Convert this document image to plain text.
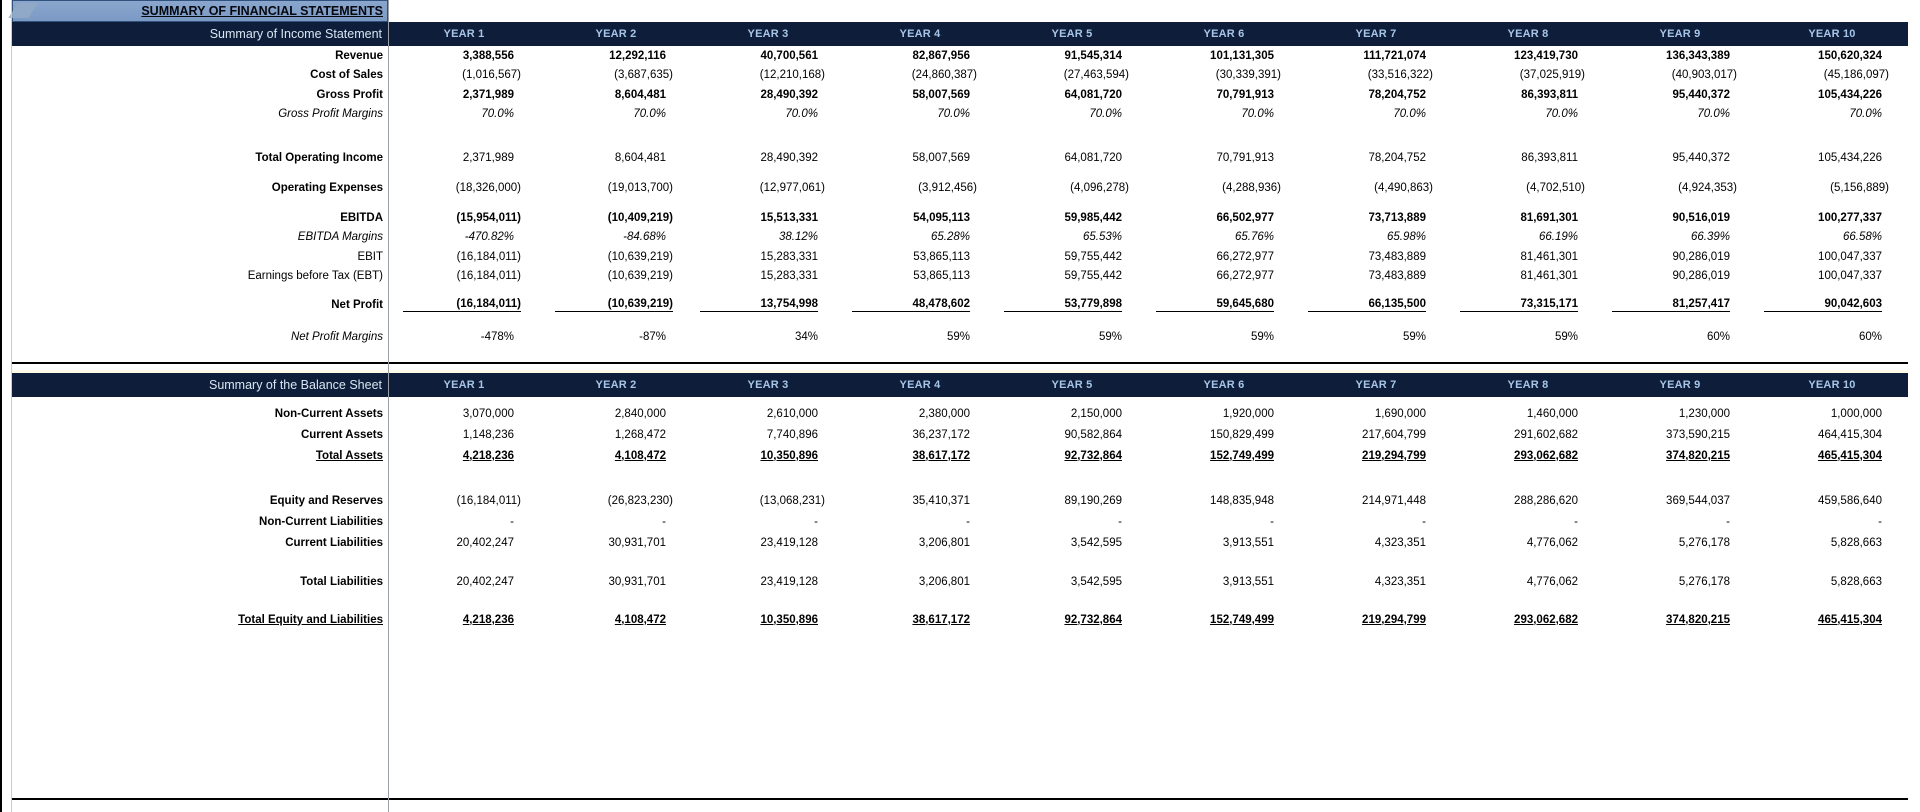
SUMMARY OF FINANCIAL STATEMENTS
Summary of Income Statement	YEAR 1	YEAR 2	YEAR 3	YEAR 4	YEAR 5	YEAR 6	YEAR 7	YEAR 8	YEAR 9	YEAR 10
Revenue	3,388,556	12,292,116	40,700,561	82,867,956	91,545,314	101,131,305	111,721,074	123,419,730	136,343,389	150,620,324
Cost of Sales	(1,016,567)	(3,687,635)	(12,210,168)	(24,860,387)	(27,463,594)	(30,339,391)	(33,516,322)	(37,025,919)	(40,903,017)	(45,186,097)
Gross Profit	2,371,989	8,604,481	28,490,392	58,007,569	64,081,720	70,791,913	78,204,752	86,393,811	95,440,372	105,434,226
Gross Profit Margins	70.0%	70.0%	70.0%	70.0%	70.0%	70.0%	70.0%	70.0%	70.0%	70.0%
Total Operating Income	2,371,989	8,604,481	28,490,392	58,007,569	64,081,720	70,791,913	78,204,752	86,393,811	95,440,372	105,434,226
Operating Expenses	(18,326,000)	(19,013,700)	(12,977,061)	(3,912,456)	(4,096,278)	(4,288,936)	(4,490,863)	(4,702,510)	(4,924,353)	(5,156,889)
EBITDA	(15,954,011)	(10,409,219)	15,513,331	54,095,113	59,985,442	66,502,977	73,713,889	81,691,301	90,516,019	100,277,337
EBITDA Margins	-470.82%	-84.68%	38.12%	65.28%	65.53%	65.76%	65.98%	66.19%	66.39%	66.58%
EBIT	(16,184,011)	(10,639,219)	15,283,331	53,865,113	59,755,442	66,272,977	73,483,889	81,461,301	90,286,019	100,047,337
Earnings before Tax (EBT)	(16,184,011)	(10,639,219)	15,283,331	53,865,113	59,755,442	66,272,977	73,483,889	81,461,301	90,286,019	100,047,337
Net Profit	(16,184,011)	(10,639,219)	13,754,998	48,478,602	53,779,898	59,645,680	66,135,500	73,315,171	81,257,417	90,042,603
Net Profit Margins	-478%	-87%	34%	59%	59%	59%	59%	59%	60%	60%
Summary of the Balance Sheet	YEAR 1	YEAR 2	YEAR 3	YEAR 4	YEAR 5	YEAR 6	YEAR 7	YEAR 8	YEAR 9	YEAR 10
Non-Current Assets	3,070,000	2,840,000	2,610,000	2,380,000	2,150,000	1,920,000	1,690,000	1,460,000	1,230,000	1,000,000
Current Assets	1,148,236	1,268,472	7,740,896	36,237,172	90,582,864	150,829,499	217,604,799	291,602,682	373,590,215	464,415,304
Total Assets	4,218,236	4,108,472	10,350,896	38,617,172	92,732,864	152,749,499	219,294,799	293,062,682	374,820,215	465,415,304
Equity and Reserves	(16,184,011)	(26,823,230)	(13,068,231)	35,410,371	89,190,269	148,835,948	214,971,448	288,286,620	369,544,037	459,586,640
Non-Current Liabilities	-	-	-	-	-	-	-	-	-	-
Current Liabilities	20,402,247	30,931,701	23,419,128	3,206,801	3,542,595	3,913,551	4,323,351	4,776,062	5,276,178	5,828,663
Total Liabilities	20,402,247	30,931,701	23,419,128	3,206,801	3,542,595	3,913,551	4,323,351	4,776,062	5,276,178	5,828,663
Total Equity and Liabilities	4,218,236	4,108,472	10,350,896	38,617,172	92,732,864	152,749,499	219,294,799	293,062,682	374,820,215	465,415,304
